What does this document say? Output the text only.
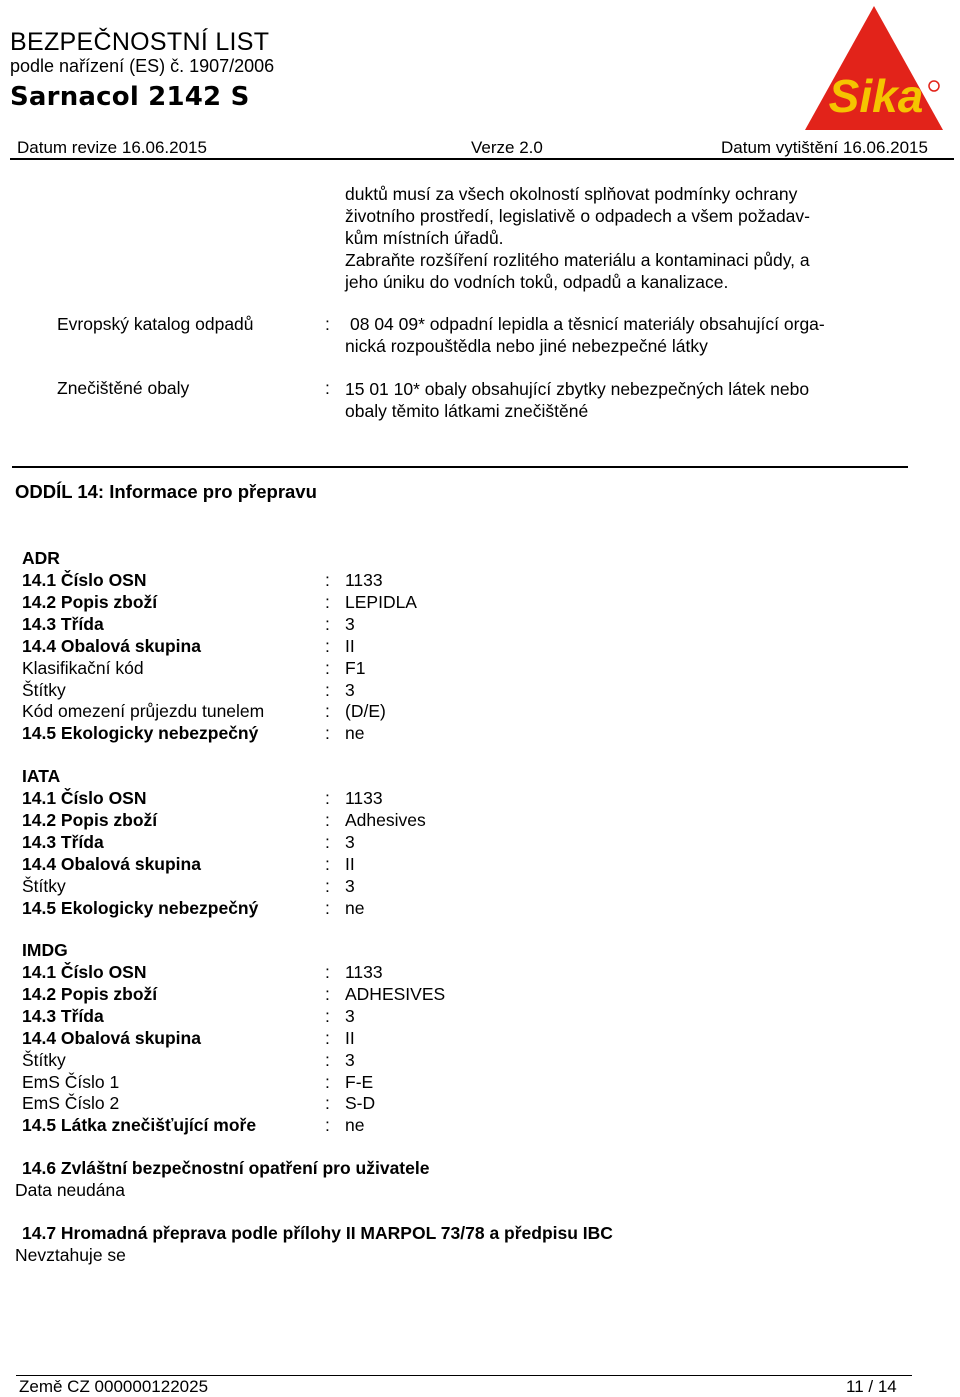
BEZPEČNOSTNÍ LIST
podle nařízení (ES) č. 1907/2006
Sarnacol 2142 S	Sika
Datum revize 16.06.2015	Verze 2.0	Datum vytištění 16.06.2015
duktů musí za všech okolností splňovat podmínky ochrany
životního prostředí, legislativě o odpadech a všem požadav-
kům místních úřadů.
Zabraňte rozšíření rozlitého materiálu a kontaminaci půdy, a
jeho úniku do vodních toků, odpadů a kanalizace.
Evropský katalog odpadů	: 08 04 09* odpadní lepidla a těsnicí materiály obsahující orga-
nická rozpouštědla nebo jiné nebezpečné látky
Znečištěné obaly	: 15 01 10* obaly obsahující zbytky nebezpečných látek nebo
obaly těmito látkami znečištěné
ODDÍL 14: Informace pro přepravu
ADR
14.1 Číslo OSN	: 1133
14.2 Popis zboží	: LEPIDLA
14.3 Třída	: 3
14.4 Obalová skupina	: II
Klasifikační kód	: F1
Štítky	: 3
Kód omezení průjezdu tunelem	: (D/E)
14.5 Ekologicky nebezpečný	: ne
IATA
14.1 Číslo OSN	: 1133
14.2 Popis zboží	: Adhesives
14.3 Třída	: 3
14.4 Obalová skupina	: II
Štítky	: 3
14.5 Ekologicky nebezpečný	: ne
IMDG
14.1 Číslo OSN	: 1133
14.2 Popis zboží	: ADHESIVES
14.3 Třída	: 3
14.4 Obalová skupina	: II
Štítky	: 3
EmS Číslo 1	: F-E
EmS Číslo 2	: S-D
14.5 Látka znečišťující moře	: ne
14.6 Zvláštní bezpečnostní opatření pro uživatele
Data neudána
14.7 Hromadná přeprava podle přílohy II MARPOL 73/78 a předpisu IBC
Nevztahuje se
Země CZ 000000122025	11 / 14
